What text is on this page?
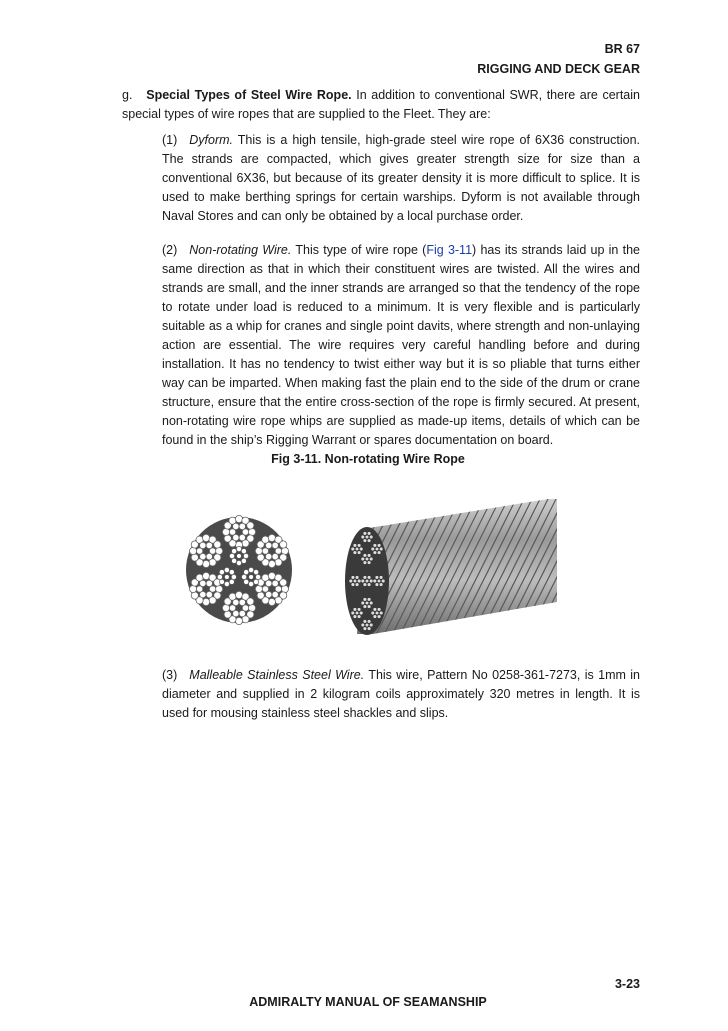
BR 67
RIGGING AND DECK GEAR
g. Special Types of Steel Wire Rope. In addition to conventional SWR, there are certain special types of wire ropes that are supplied to the Fleet. They are:
(1) Dyform. This is a high tensile, high-grade steel wire rope of 6X36 construction. The strands are compacted, which gives greater strength size for size than a conventional 6X36, but because of its greater density it is more difficult to splice. It is used to make berthing springs for certain warships. Dyform is not available through Naval Stores and can only be obtained by a local purchase order.
(2) Non-rotating Wire. This type of wire rope (Fig 3-11) has its strands laid up in the same direction as that in which their constituent wires are twisted. All the wires and strands are small, and the inner strands are arranged so that the tendency of the rope to rotate under load is reduced to a minimum. It is very flexible and is particularly suitable as a whip for cranes and single point davits, where strength and non-unlaying action are essential. The wire requires very careful handling before and during installation. It has no tendency to twist either way but it is so pliable that turns either way can be imparted. When making fast the plain end to the side of the drum or crane structure, ensure that the entire cross-section of the rope is firmly secured. At present, non-rotating wire rope whips are supplied as made-up items, details of which can be found in the ship’s Rigging Warrant or spares documentation on board.
Fig 3-11. Non-rotating Wire Rope
(3) Malleable Stainless Steel Wire. This wire, Pattern No 0258-361-7273, is 1mm in diameter and supplied in 2 kilogram coils approximately 320 metres in length. It is used for mousing stainless steel shackles and slips.
3-23
ADMIRALTY MANUAL OF SEAMANSHIP
